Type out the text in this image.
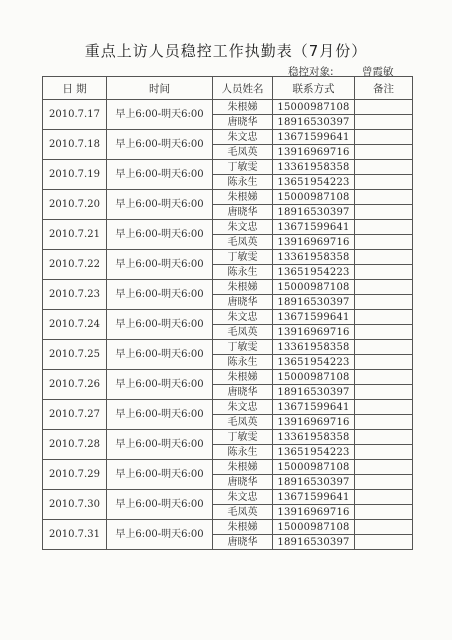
重点上访人员稳控工作执勤表（7月份）
稳控对象:	曾霞敏
日 期	时间	人员姓名	联系方式	备注
2010.7.17	早上6:00-明天6:00	朱根娣	15000987108	
		唐晓华	18916530397	
2010.7.18	早上6:00-明天6:00	朱文忠	13671599641	
		毛凤英	13916969716	
2010.7.19	早上6:00-明天6:00	丁敏雯	13361958358	
		陈永生	13651954223	
2010.7.20	早上6:00-明天6:00	朱根娣	15000987108	
		唐晓华	18916530397	
2010.7.21	早上6:00-明天6:00	朱文忠	13671599641	
		毛凤英	13916969716	
2010.7.22	早上6:00-明天6:00	丁敏雯	13361958358	
		陈永生	13651954223	
2010.7.23	早上6:00-明天6:00	朱根娣	15000987108	
		唐晓华	18916530397	
2010.7.24	早上6:00-明天6:00	朱文忠	13671599641	
		毛凤英	13916969716	
2010.7.25	早上6:00-明天6:00	丁敏雯	13361958358	
		陈永生	13651954223	
2010.7.26	早上6:00-明天6:00	朱根娣	15000987108	
		唐晓华	18916530397	
2010.7.27	早上6:00-明天6:00	朱文忠	13671599641	
		毛凤英	13916969716	
2010.7.28	早上6:00-明天6:00	丁敏雯	13361958358	
		陈永生	13651954223	
2010.7.29	早上6:00-明天6:00	朱根娣	15000987108	
		唐晓华	18916530397	
2010.7.30	早上6:00-明天6:00	朱文忠	13671599641	
		毛凤英	13916969716	
2010.7.31	早上6:00-明天6:00	朱根娣	15000987108	
		唐晓华	18916530397	
